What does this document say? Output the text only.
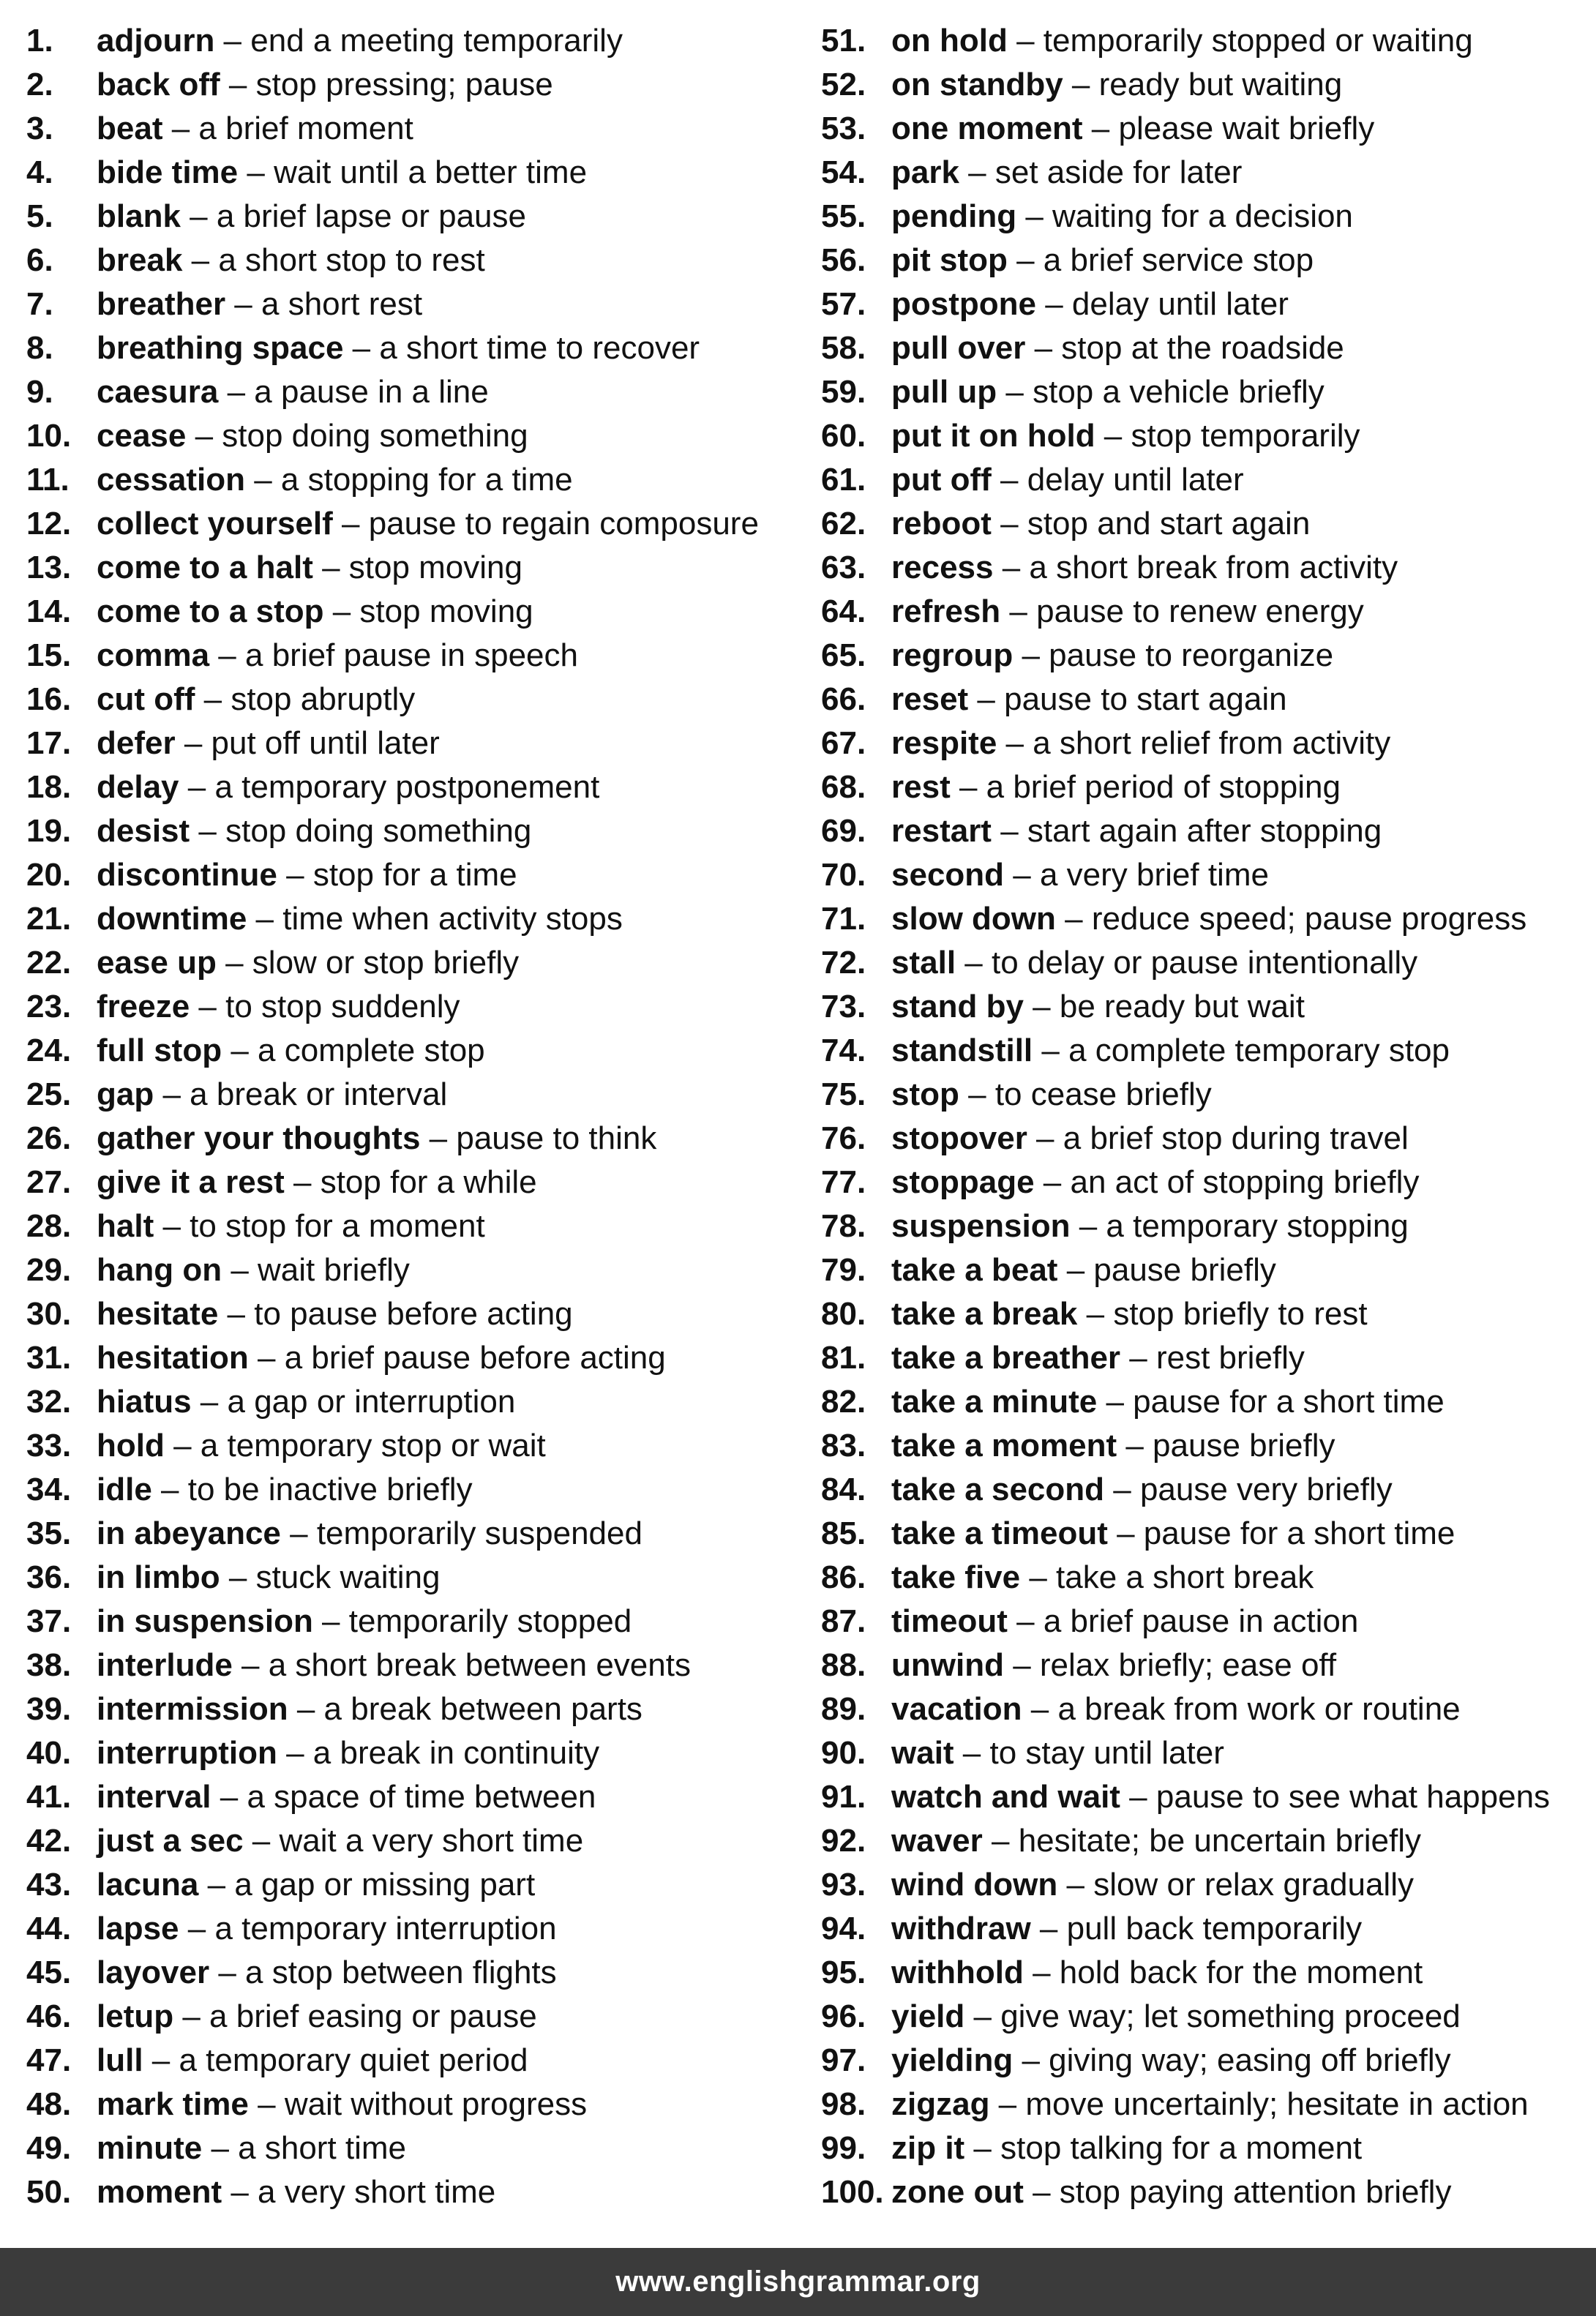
1.	adjourn – end a meeting temporarily
2.	back off – stop pressing; pause
3.	beat – a brief moment
4.	bide time – wait until a better time
5.	blank – a brief lapse or pause
6.	break – a short stop to rest
7.	breather – a short rest
8.	breathing space – a short time to recover
9.	caesura – a pause in a line
10. cease – stop doing something
11. cessation – a stopping for a time
12. collect yourself – pause to regain composure
13. come to a halt – stop moving
14. come to a stop – stop moving
15. comma – a brief pause in speech
16. cut off – stop abruptly
17. defer – put off until later
18. delay – a temporary postponement
19. desist – stop doing something
20. discontinue – stop for a time
21. downtime – time when activity stops
22. ease up – slow or stop briefly
23. freeze – to stop suddenly
24. full stop – a complete stop
25. gap – a break or interval
26. gather your thoughts – pause to think
27. give it a rest – stop for a while
28. halt – to stop for a moment
29. hang on – wait briefly
30. hesitate – to pause before acting
31. hesitation – a brief pause before acting
32. hiatus – a gap or interruption
33. hold – a temporary stop or wait
34. idle – to be inactive briefly
35. in abeyance – temporarily suspended
36. in limbo – stuck waiting
37. in suspension – temporarily stopped
38. interlude – a short break between events
39. intermission – a break between parts
40. interruption – a break in continuity
41. interval – a space of time between
42. just a sec – wait a very short time
43. lacuna – a gap or missing part
44. lapse – a temporary interruption
45. layover – a stop between flights
46. letup – a brief easing or pause
47. lull – a temporary quiet period
48. mark time – wait without progress
49. minute – a short time
50. moment – a very short time
51. on hold – temporarily stopped or waiting
52. on standby – ready but waiting
53. one moment – please wait briefly
54. park – set aside for later
55. pending – waiting for a decision
56. pit stop – a brief service stop
57. postpone – delay until later
58. pull over – stop at the roadside
59. pull up – stop a vehicle briefly
60. put it on hold – stop temporarily
61. put off – delay until later
62. reboot – stop and start again
63. recess – a short break from activity
64. refresh – pause to renew energy
65. regroup – pause to reorganize
66. reset – pause to start again
67. respite – a short relief from activity
68. rest – a brief period of stopping
69. restart – start again after stopping
70. second – a very brief time
71. slow down – reduce speed; pause progress
72. stall – to delay or pause intentionally
73. stand by – be ready but wait
74. standstill – a complete temporary stop
75. stop – to cease briefly
76. stopover – a brief stop during travel
77. stoppage – an act of stopping briefly
78. suspension – a temporary stopping
79. take a beat – pause briefly
80. take a break – stop briefly to rest
81. take a breather – rest briefly
82. take a minute – pause for a short time
83. take a moment – pause briefly
84. take a second – pause very briefly
85. take a timeout – pause for a short time
86. take five – take a short break
87. timeout – a brief pause in action
88. unwind – relax briefly; ease off
89. vacation – a break from work or routine
90. wait – to stay until later
91. watch and wait – pause to see what happens
92. waver – hesitate; be uncertain briefly
93. wind down – slow or relax gradually
94. withdraw – pull back temporarily
95. withhold – hold back for the moment
96. yield – give way; let something proceed
97. yielding – giving way; easing off briefly
98. zigzag – move uncertainly; hesitate in action
99. zip it – stop talking for a moment
100. zone out – stop paying attention briefly
www.englishgrammar.org
